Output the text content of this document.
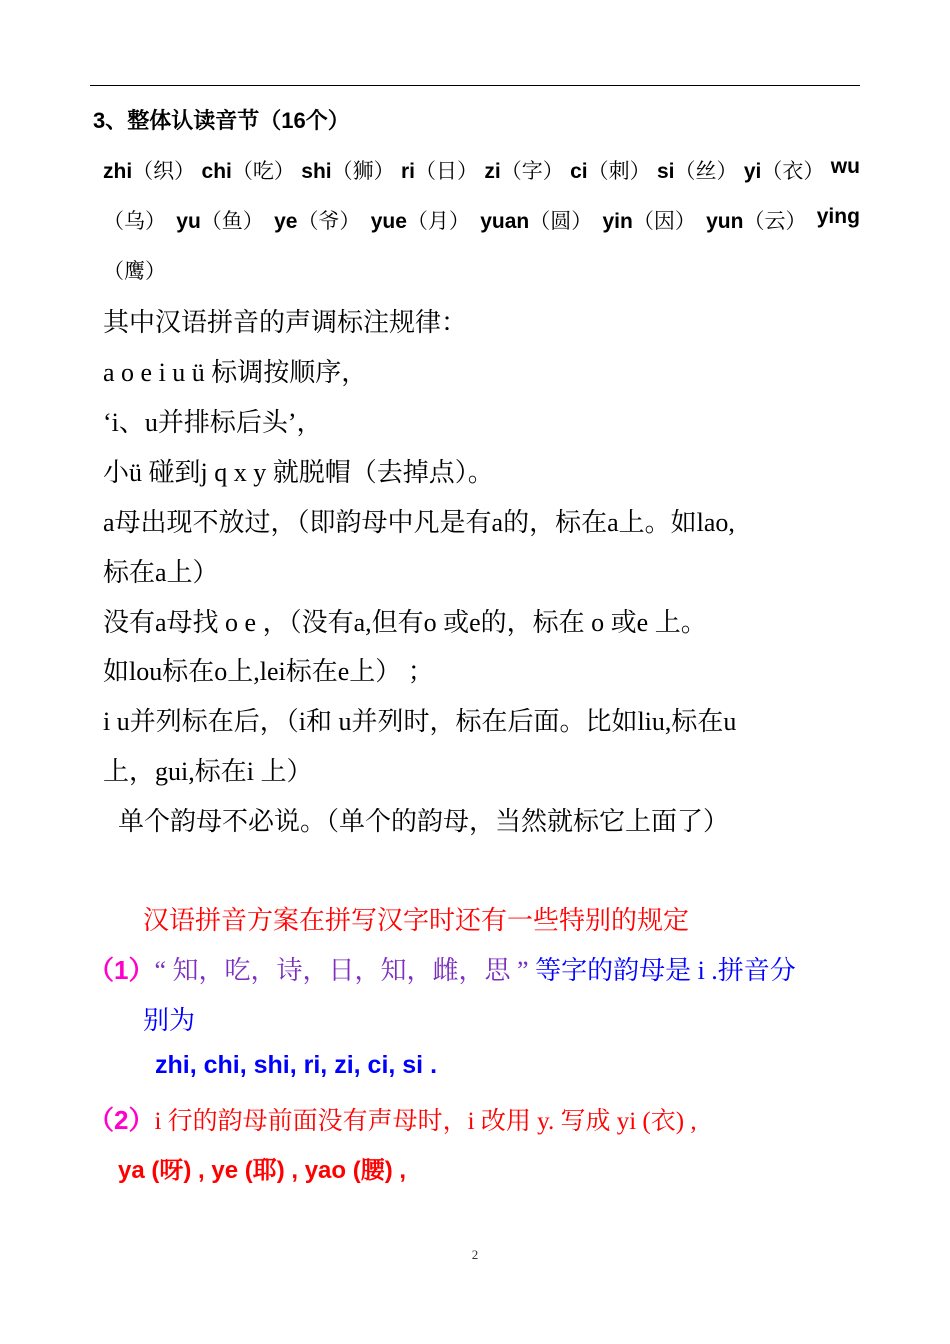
3、整体认读音节（16个）
zhi（织） chi（吃） shi（狮） ri（日） zi（字） ci（刺） si（丝） yi（衣） wu
（乌） yu（鱼） ye（爷） yue（月） yuan（圆） yin（因） yun（云） ying
（鹰）
其中汉语拼音的声调标注规律：
a o e i u ü 标调按顺序，
‘i、u并排标后头’，
小ü 碰到j q x y 就脱帽（去掉点）。
a母出现不放过，（即韵母中凡是有a的，标在a上。如lao,
标在a上）
没有a母找 o e ，（没有a,但有o 或e的，标在 o 或e 上。
如lou标在o上,lei标在e上） ；
i u并列标在后，（i和 u并列时，标在后面。比如liu,标在u
上，gui,标在i 上）
单个韵母不必说。（单个的韵母，当然就标它上面了）
汉语拼音方案在拼写汉字时还有一些特别的规定
（1）“ 知，吃，诗，日，知，雌，思 ” 等字的韵母是 i .拼音分
别为
zhi, chi, shi, ri, zi, ci, si .
（2）i 行的韵母前面没有声母时，i 改用 y. 写成 yi (衣) ,
ya (呀) , ye (耶) , yao (腰) ,
2
